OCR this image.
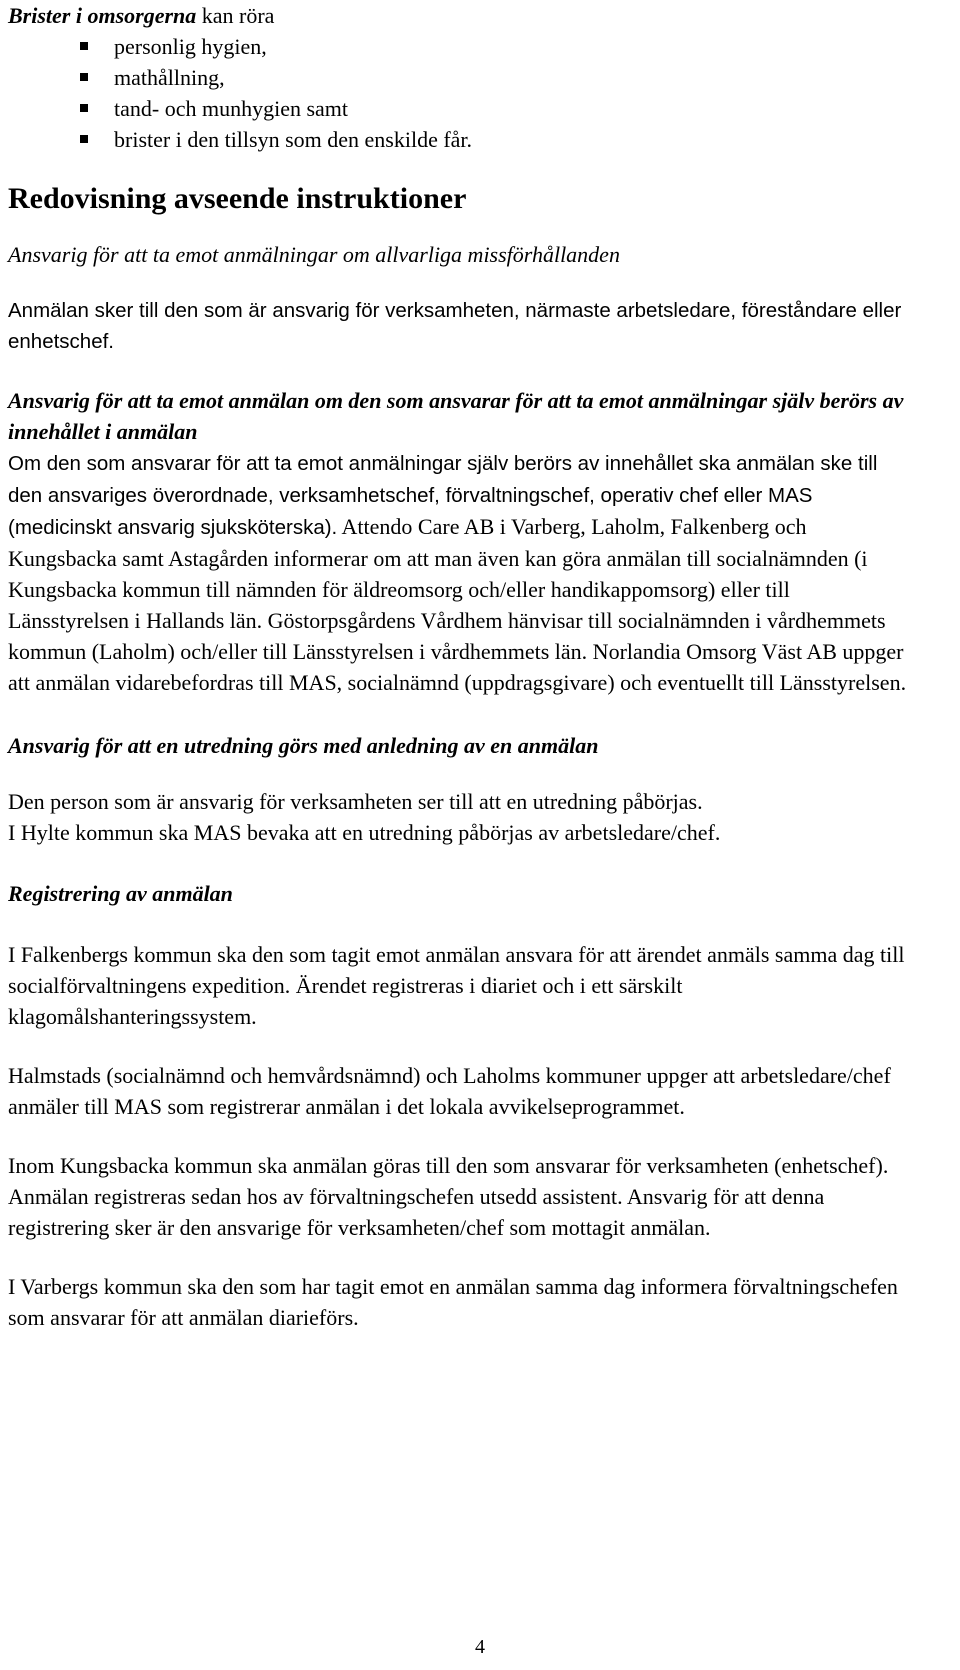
Brister i omsorgerna kan röra

personlig hygien,
mathållning,
tand- och munhygien samt
brister i den tillsyn som den enskilde får.
Redovisning avseende instruktioner

Ansvarig för att ta emot anmälningar om allvarliga missförhållanden

Anmälan sker till den som är ansvarig för verksamheten, närmaste arbetsledare, föreståndare eller enhetschef.

Ansvarig för att ta emot anmälan om den som ansvarar för att ta emot anmälningar själv berörs av innehållet i anmälan

Om den som ansvarar för att ta emot anmälningar själv berörs av innehållet ska anmälan ske till den ansvariges överordnade, verksamhetschef, förvaltningschef, operativ chef eller MAS (medicinskt ansvarig sjuksköterska). Attendo Care AB i Varberg, Laholm, Falkenberg och Kungsbacka samt Astagården informerar om att man även kan göra anmälan till socialnämnden (i Kungsbacka kommun till nämnden för äldreomsorg och/eller handikappomsorg) eller till Länsstyrelsen i Hallands län. Göstorpsgårdens Vårdhem hänvisar till socialnämnden i vårdhemmets kommun (Laholm) och/eller till Länsstyrelsen i vårdhemmets län. Norlandia Omsorg Väst AB uppger att anmälan vidarebefordras till MAS, socialnämnd (uppdragsgivare) och eventuellt till Länsstyrelsen.

Ansvarig för att en utredning görs med anledning av en anmälan

Den person som är ansvarig för verksamheten ser till att en utredning påbörjas.

I Hylte kommun ska MAS bevaka att en utredning påbörjas av arbetsledare/chef.

Registrering av anmälan

I Falkenbergs kommun ska den som tagit emot anmälan ansvara för att ärendet anmäls samma dag till socialförvaltningens expedition. Ärendet registreras i diariet och i ett särskilt klagomålshanteringssystem.

Halmstads (socialnämnd och hemvårdsnämnd) och Laholms kommuner uppger att arbetsledare/chef anmäler till MAS som registrerar anmälan i det lokala avvikelseprogrammet.

Inom Kungsbacka kommun ska anmälan göras till den som ansvarar för verksamheten (enhetschef). Anmälan registreras sedan hos av förvaltningschefen utsedd assistent. Ansvarig för att denna registrering sker är den ansvarige för verksamheten/chef som mottagit anmälan.

I Varbergs kommun ska den som har tagit emot en anmälan samma dag informera förvaltningschefen som ansvarar för att anmälan diarieförs.

4
